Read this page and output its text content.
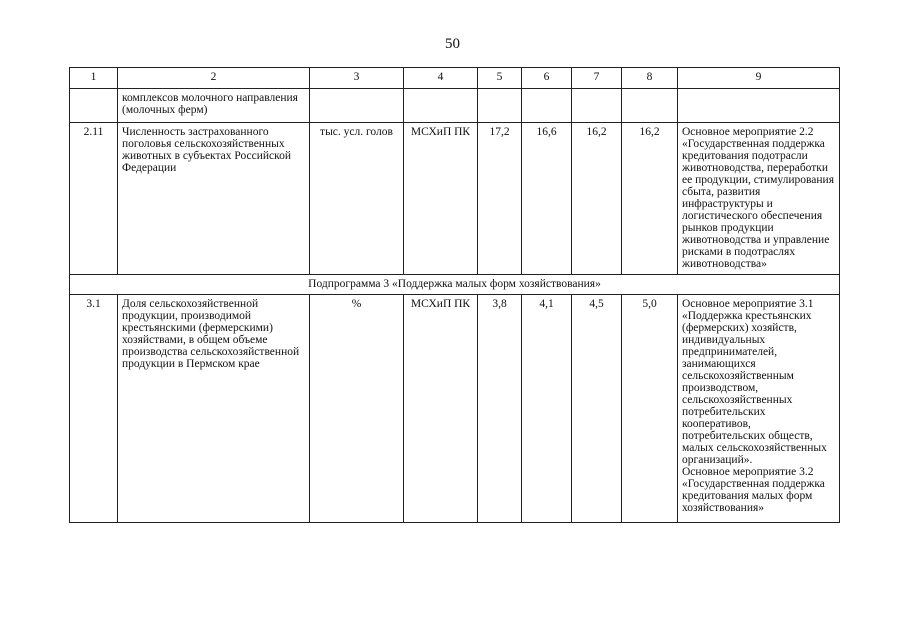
50
1	2	3	4	5	6	7	8	9
	комплексов молочного направления (молочных ферм)							
2.11	Численность застрахованного поголовья сельскохозяйственных животных в субъектах Российской Федерации	тыс. усл. голов	МСХиП ПК	17,2	16,6	16,2	16,2	Основное мероприятие 2.2 «Государственная поддержка кредитования подотрасли животноводства, переработки ее продукции, стимулирования сбыта, развития инфраструктуры и логистического обеспечения рынков продукции животноводства и управление рисками в подотраслях животноводства»
Подпрограмма 3 «Поддержка малых форм хозяйствования»								
3.1	Доля сельскохозяйственной продукции, производимой крестьянскими (фермерскими) хозяйствами, в общем объеме производства сельскохозяйственной продукции в Пермском крае	%	МСХиП ПК	3,8	4,1	4,5	5,0	Основное мероприятие 3.1 «Поддержка крестьянских (фермерских) хозяйств, индивидуальных предпринимателей, занимающихся сельскохозяйственным производством, сельскохозяйственных потребительских кооперативов, потребительских обществ, малых сельскохозяйственных организаций».
Основное мероприятие 3.2 «Государственная поддержка кредитования малых форм хозяйствования»
